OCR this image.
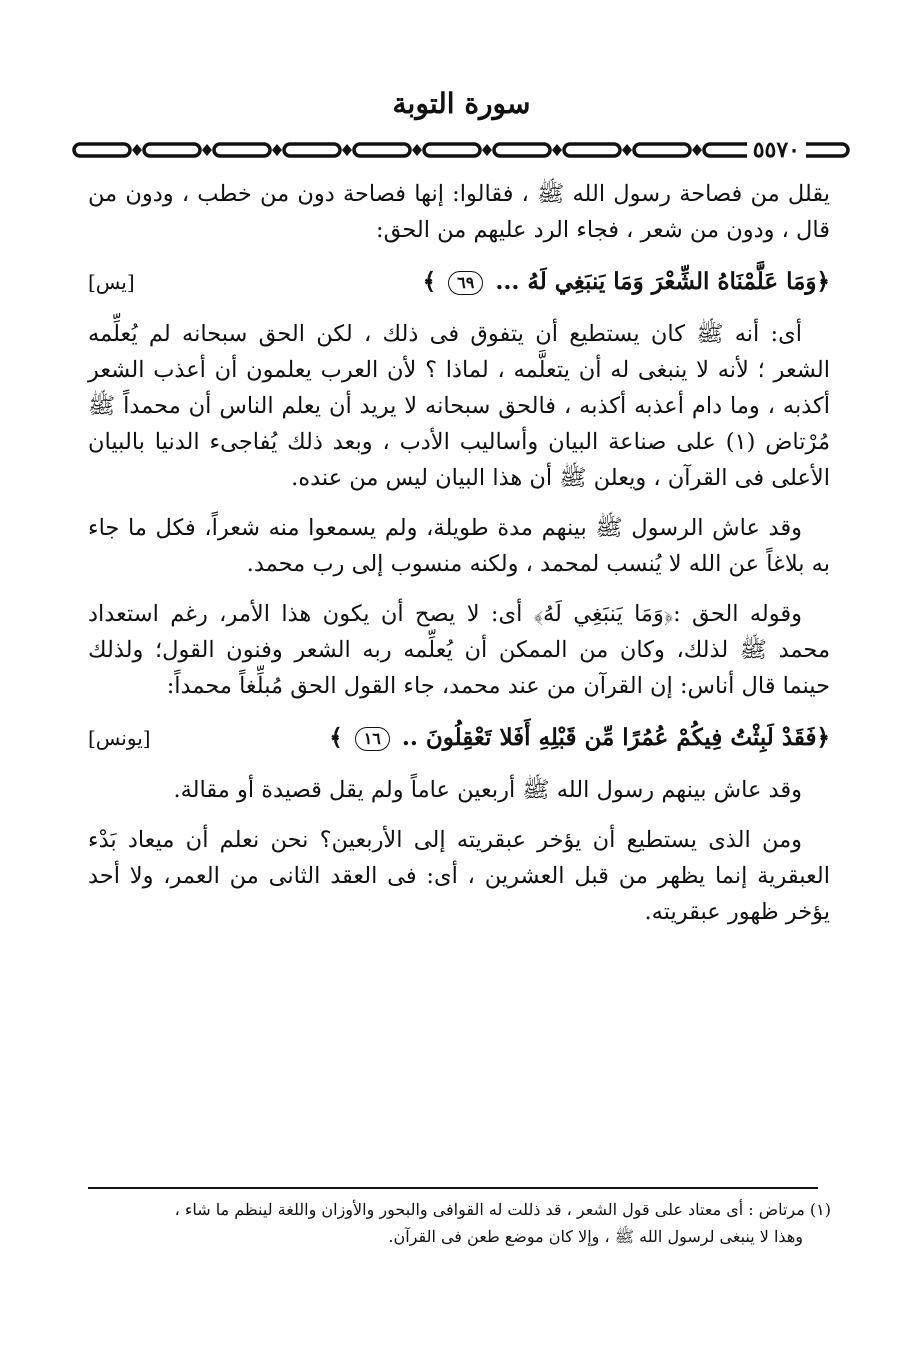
سورة التوبة
٥٥٧٠

يقلل من فصاحة رسول الله ﷺ ، فقالوا: إنها فصاحة دون من خطب ، ودون من قال ، ودون من شعر ، فجاء الرد عليهم من الحق:

﴿وَمَا عَلَّمْنَاهُ الشِّعْرَ وَمَا يَنبَغِي لَهُ ... ٦٩ ﴾
[يس]

أى: أنه ﷺ كان يستطيع أن يتفوق فى ذلك ، لكن الحق سبحانه لم يُعلِّمه الشعر ؛ لأنه لا ينبغى له أن يتعلَّمه ، لماذا ؟ لأن العرب يعلمون أن أعذب الشعر أكذبه ، وما دام أعذبه أكذبه ، فالحق سبحانه لا يريد أن يعلم الناس أن محمداً ﷺ مُرْتاض (١) على صناعة البيان وأساليب الأدب ، وبعد ذلك يُفاجىء الدنيا بالبيان الأعلى فى القرآن ، ويعلن ﷺ أن هذا البيان ليس من عنده.

وقد عاش الرسول ﷺ بينهم مدة طويلة، ولم يسمعوا منه شعراً، فكل ما جاء به بلاغاً عن الله لا يُنسب لمحمد ، ولكنه منسوب إلى رب محمد.

وقوله الحق :﴿وَمَا يَنبَغِي لَهُ﴾ أى: لا يصح أن يكون هذا الأمر، رغم استعداد محمد ﷺ لذلك، وكان من الممكن أن يُعلِّمه ربه الشعر وفنون القول؛ ولذلك حينما قال أناس: إن القرآن من عند محمد، جاء القول الحق مُبلِّغاً محمداً:

﴿فَقَدْ لَبِثْتُ فِيكُمْ عُمُرًا مِّن قَبْلِهِ أَفَلا تَعْقِلُونَ .. ١٦ ﴾
[يونس]

وقد عاش بينهم رسول الله ﷺ أربعين عاماً ولم يقل قصيدة أو مقالة.

ومن الذى يستطيع أن يؤخر عبقريته إلى الأربعين؟ نحن نعلم أن ميعاد بَدْء العبقرية إنما يظهر من قبل العشرين ، أى: فى العقد الثانى من العمر، ولا أحد يؤخر ظهور عبقريته.

(١) مرتاض : أى معتاد على قول الشعر ، قد ذللت له القوافى والبحور والأوزان واللغة لينظم ما شاء ،

وهذا لا ينبغى لرسول الله ﷺ ، وإلا كان موضع طعن فى القرآن.
